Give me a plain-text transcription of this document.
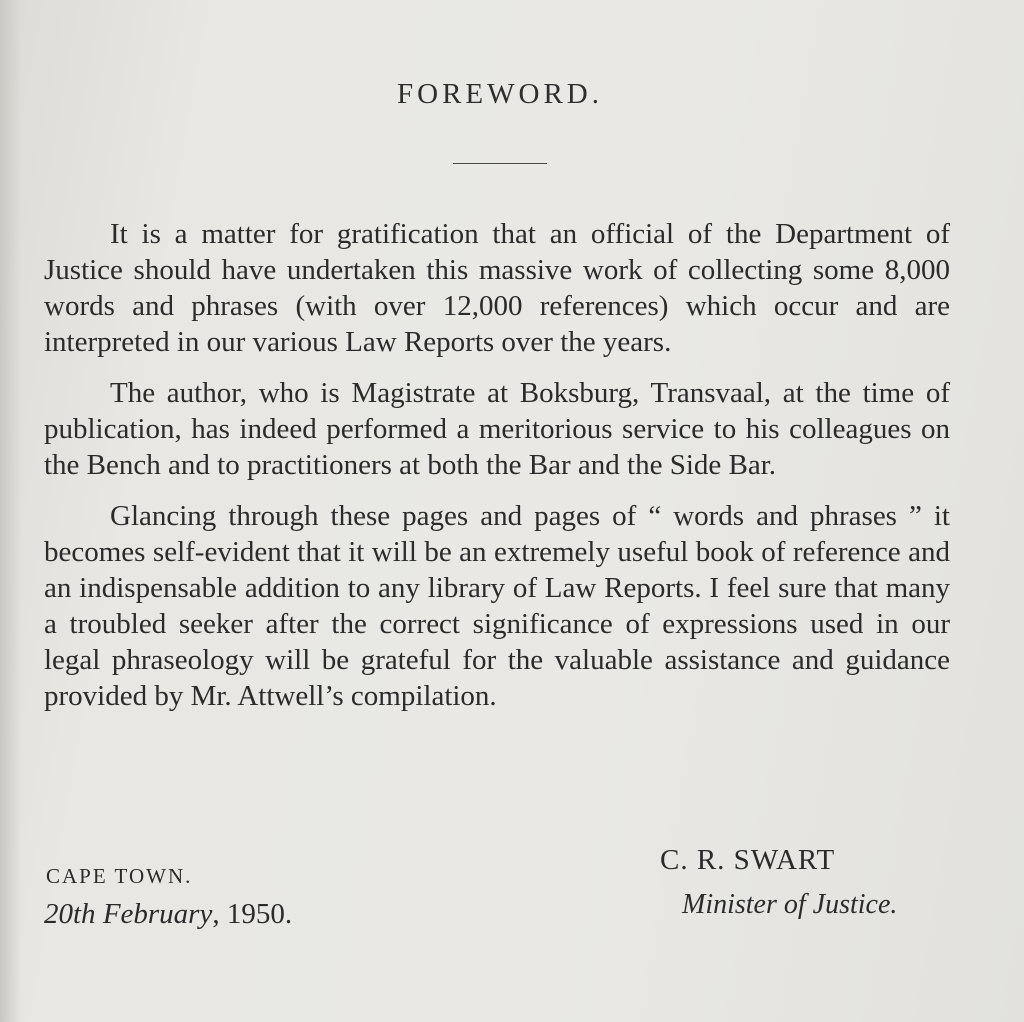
FOREWORD.

It is a matter for gratification that an official of the Department of Justice should have undertaken this massive work of collecting some 8,000 words and phrases (with over 12,000 references) which occur and are interpreted in our various Law Reports over the years.

The author, who is Magistrate at Boksburg, Transvaal, at the time of publication, has indeed performed a meritorious service to his colleagues on the Bench and to practitioners at both the Bar and the Side Bar.

Glancing through these pages and pages of “ words and phrases ” it becomes self-evident that it will be an extremely useful book of reference and an indispensable addition to any library of Law Reports. I feel sure that many a troubled seeker after the correct significance of expressions used in our legal phraseology will be grateful for the valuable assistance and guidance provided by Mr. Attwell’s compilation.

CAPE TOWN.
20th February, 1950.
C. R. SWART
Minister of Justice.
